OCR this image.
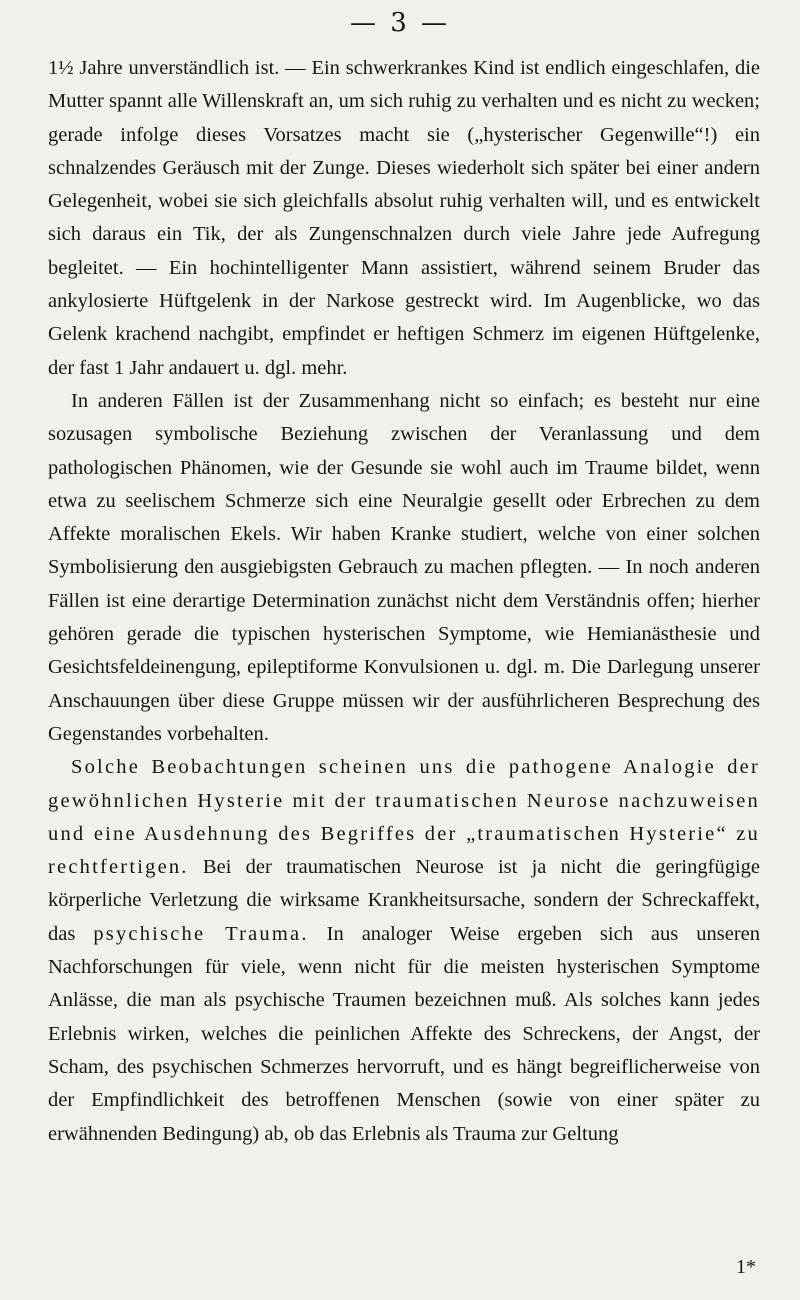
— 3 —

1½ Jahre unverständlich ist. — Ein schwerkrankes Kind ist endlich eingeschlafen, die Mutter spannt alle Willenskraft an, um sich ruhig zu verhalten und es nicht zu wecken; gerade infolge dieses Vorsatzes macht sie („hysterischer Gegenwille“!) ein schnalzendes Geräusch mit der Zunge. Dieses wiederholt sich später bei einer andern Gelegenheit, wobei sie sich gleichfalls absolut ruhig verhalten will, und es entwickelt sich daraus ein Tik, der als Zungenschnalzen durch viele Jahre jede Aufregung begleitet. — Ein hochintelligenter Mann assistiert, während seinem Bruder das ankylosierte Hüftgelenk in der Narkose gestreckt wird. Im Augenblicke, wo das Gelenk krachend nachgibt, empfindet er heftigen Schmerz im eigenen Hüftgelenke, der fast 1 Jahr andauert u. dgl. mehr.

In anderen Fällen ist der Zusammenhang nicht so einfach; es besteht nur eine sozusagen symbolische Beziehung zwischen der Veranlassung und dem pathologischen Phänomen, wie der Gesunde sie wohl auch im Traume bildet, wenn etwa zu seelischem Schmerze sich eine Neuralgie gesellt oder Erbrechen zu dem Affekte moralischen Ekels. Wir haben Kranke studiert, welche von einer solchen Symbolisierung den ausgiebigsten Gebrauch zu machen pflegten. — In noch anderen Fällen ist eine derartige Determination zunächst nicht dem Verständnis offen; hierher gehören gerade die typischen hysterischen Symptome, wie Hemianästhesie und Gesichtsfeldeinengung, epileptiforme Konvulsionen u. dgl. m. Die Darlegung unserer Anschauungen über diese Gruppe müssen wir der ausführlicheren Besprechung des Gegenstandes vorbehalten.

Solche Beobachtungen scheinen uns die pathogene Analogie der gewöhnlichen Hysterie mit der traumatischen Neurose nachzuweisen und eine Ausdehnung des Begriffes der „traumatischen Hysterie“ zu rechtfertigen. Bei der traumatischen Neurose ist ja nicht die geringfügige körperliche Verletzung die wirksame Krankheitsursache, sondern der Schreckaffekt, das psychische Trauma. In analoger Weise ergeben sich aus unseren Nachforschungen für viele, wenn nicht für die meisten hysterischen Symptome Anlässe, die man als psychische Traumen bezeichnen muß. Als solches kann jedes Erlebnis wirken, welches die peinlichen Affekte des Schreckens, der Angst, der Scham, des psychischen Schmerzes hervorruft, und es hängt begreiflicherweise von der Empfindlichkeit des betroffenen Menschen (sowie von einer später zu erwähnenden Bedingung) ab, ob das Erlebnis als Trauma zur Geltung

1*
